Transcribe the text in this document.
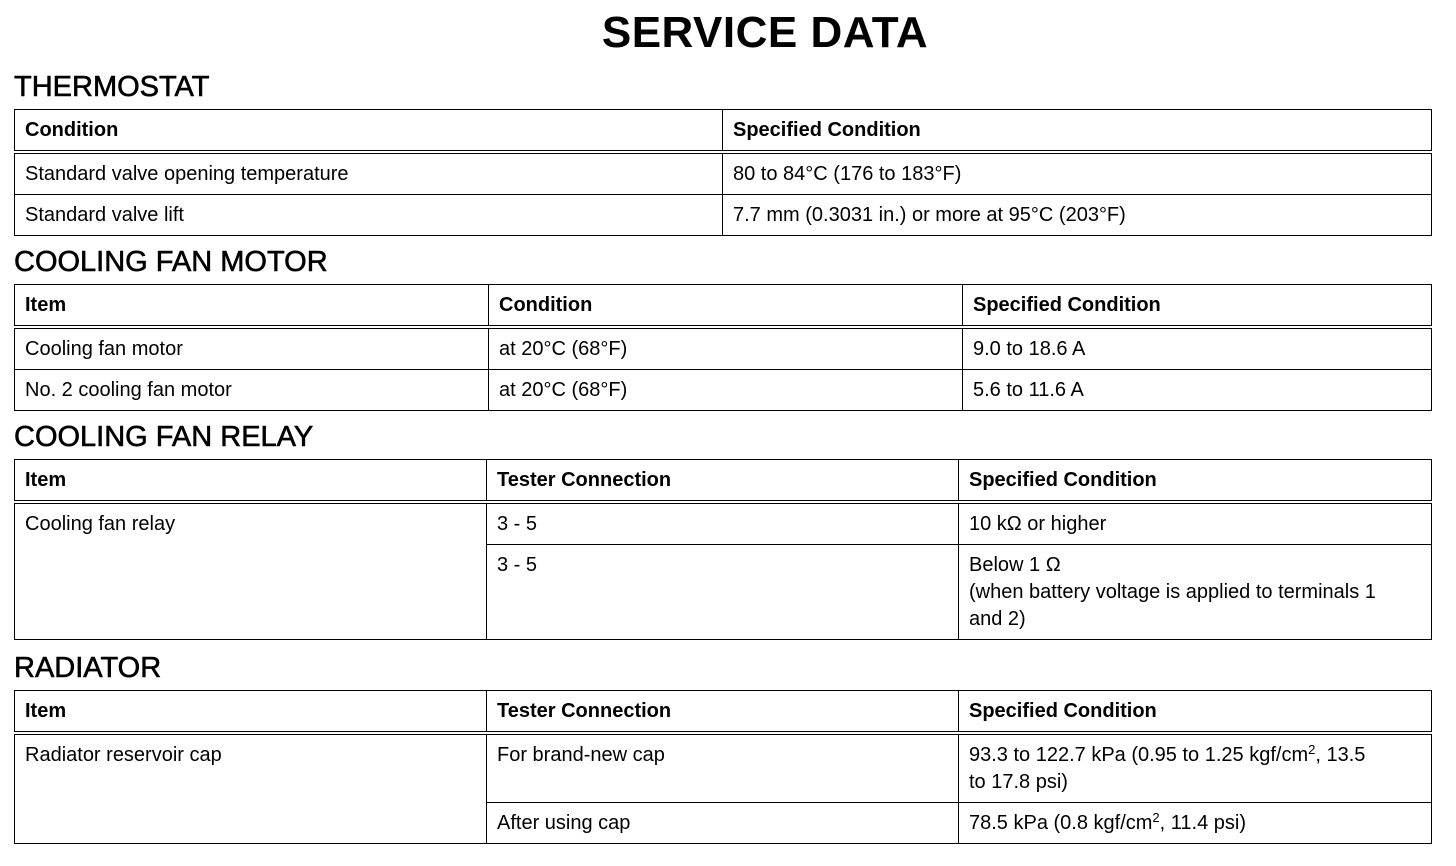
SERVICE DATA
THERMOSTAT
Condition	Specified Condition
Standard valve opening temperature	80 to 84°C (176 to 183°F)
Standard valve lift	7.7 mm (0.3031 in.) or more at 95°C (203°F)
COOLING FAN MOTOR
Item	Condition	Specified Condition
Cooling fan motor	at 20°C (68°F)	9.0 to 18.6 A
No. 2 cooling fan motor	at 20°C (68°F)	5.6 to 11.6 A
COOLING FAN RELAY
Item	Tester Connection	Specified Condition
Cooling fan relay	3 - 5	10 kΩ or higher
	3 - 5	Below 1 Ω
(when battery voltage is applied to terminals 1
and 2)
RADIATOR
Item	Tester Connection	Specified Condition
Radiator reservoir cap	For brand-new cap	93.3 to 122.7 kPa (0.95 to 1.25 kgf/$cm^2$, 13.5
to 17.8 psi)

	After using cap	78.5 kPa (0.8 kgf/$cm^2$, 11.4 psi)
